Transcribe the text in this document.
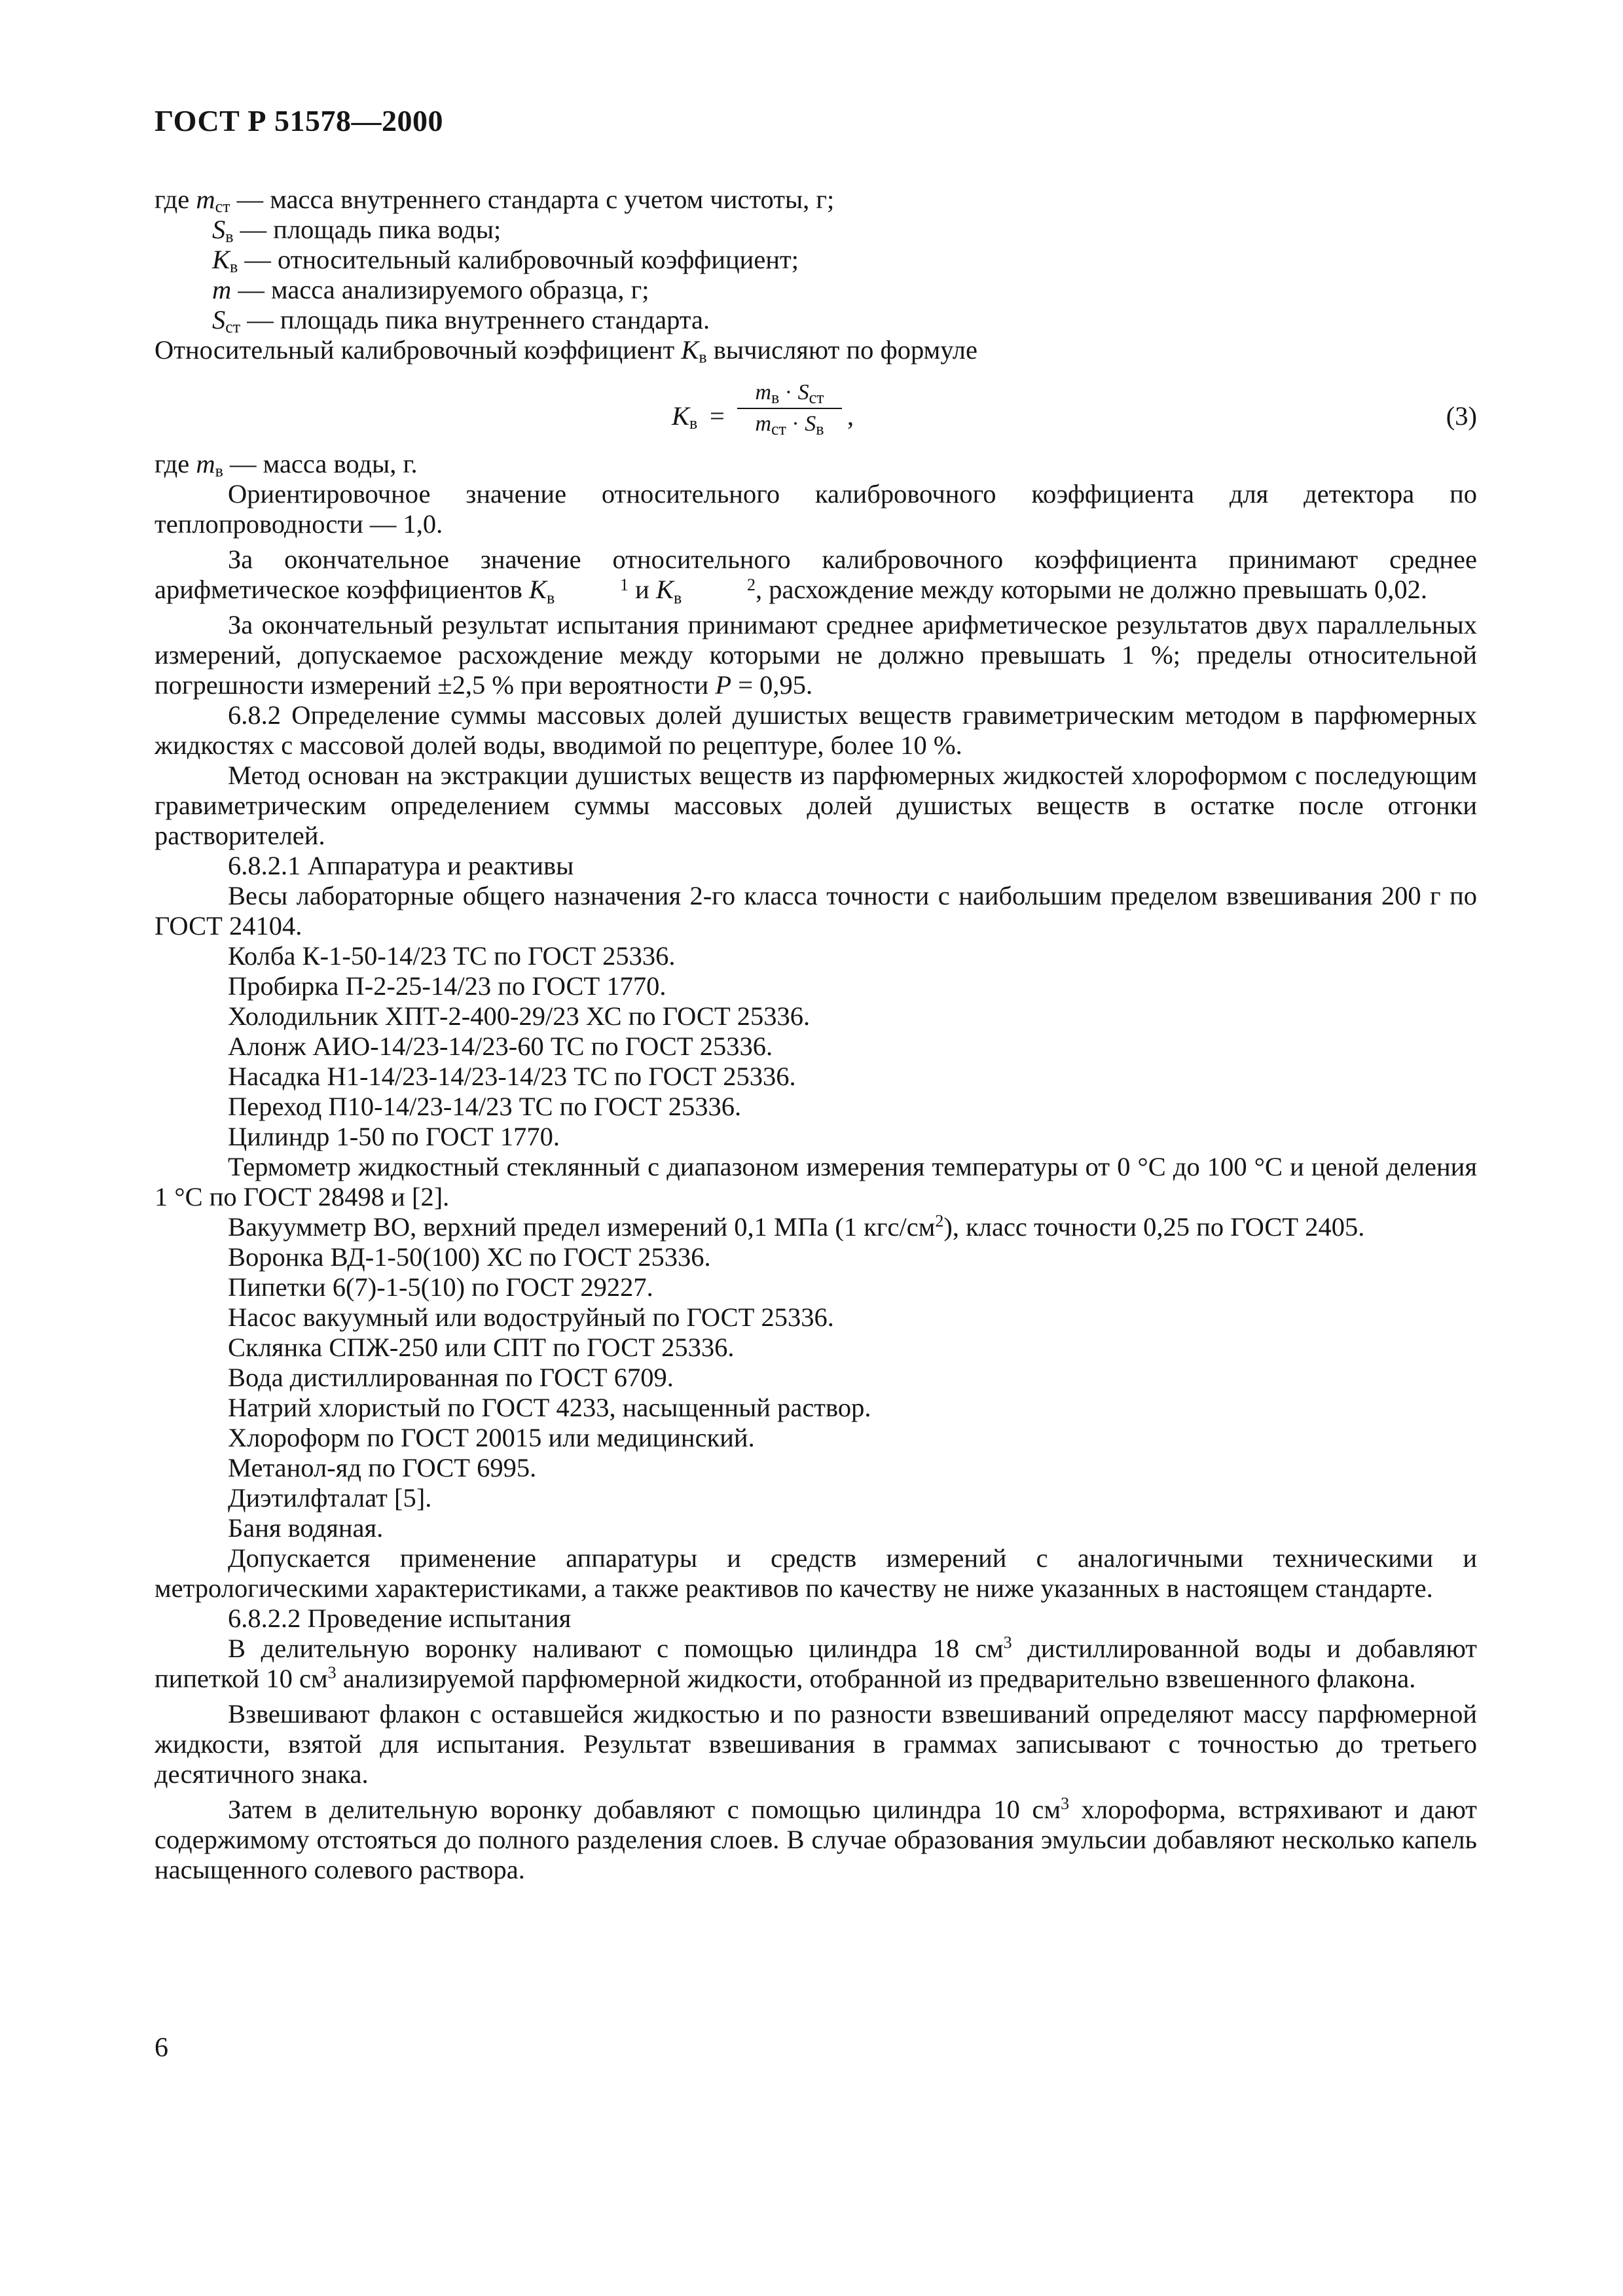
ГОСТ Р 51578—2000

где $m_{ст}$ — масса внутреннего стандарта с учетом чистоты, г;

$S_в$ — площадь пика воды;

$K_в$ — относительный калибровочный коэффициент;

m — масса анализируемого образца, г;

$S_{ст}$ — площадь пика внутреннего стандарта.

Относительный калибровочный коэффициент $K_в$ вычисляют по формуле

$K_в$ =
$m_в \cdot S_{ст}$
$m_{ст} \cdot S_в$ ,	(3)

где $m_в$ — масса воды, г.

Ориентировочное значение относительного калибровочного коэффициента для детектора по теплопроводности — 1,0.

За окончательное значение относительного калибровочного коэффициента принимают среднее арифметическое коэффициентов K	1
в	и K	2
в	, расхождение между которыми не должно превышать 0,02.

За окончательный результат испытания принимают среднее арифметическое результатов двух параллельных измерений, допускаемое расхождение между которыми не должно превышать 1 %; пределы относительной погрешности измерений ±2,5 % при вероятности P = 0,95.

6.8.2 Определение суммы массовых долей душистых веществ гравиметрическим методом в парфюмерных жидкостях с массовой долей воды, вводимой по рецептуре, более 10 %.

Метод основан на экстракции душистых веществ из парфюмерных жидкостей хлороформом с последующим гравиметрическим определением суммы массовых долей душистых веществ в остатке после отгонки растворителей.

6.8.2.1 Аппаратура и реактивы

Весы лабораторные общего назначения 2-го класса точности с наибольшим пределом взвешивания 200 г по ГОСТ 24104.

Колба К-1-50-14/23 ТС по ГОСТ 25336.

Пробирка П-2-25-14/23 по ГОСТ 1770.

Холодильник ХПТ-2-400-29/23 ХС по ГОСТ 25336.

Алонж АИО-14/23-14/23-60 ТС по ГОСТ 25336.

Насадка Н1-14/23-14/23-14/23 ТС по ГОСТ 25336.

Переход П10-14/23-14/23 ТС по ГОСТ 25336.

Цилиндр 1-50 по ГОСТ 1770.

Термометр жидкостный стеклянный с диапазоном измерения температуры от 0 °С до 100 °С и ценой деления 1 °С по ГОСТ 28498 и [2].

Вакуумметр ВО, верхний предел измерений 0,1 МПа (1 кгс/$см^2$), класс точности 0,25 по ГОСТ 2405.

Воронка ВД-1-50(100) ХС по ГОСТ 25336.

Пипетки 6(7)-1-5(10) по ГОСТ 29227.

Насос вакуумный или водоструйный по ГОСТ 25336.

Склянка СПЖ-250 или СПТ по ГОСТ 25336.

Вода дистиллированная по ГОСТ 6709.

Натрий хлористый по ГОСТ 4233, насыщенный раствор.

Хлороформ по ГОСТ 20015 или медицинский.

Метанол-яд по ГОСТ 6995.

Диэтилфталат [5].

Баня водяная.

Допускается применение аппаратуры и средств измерений с аналогичными техническими и метрологическими характеристиками, а также реактивов по качеству не ниже указанных в настоящем стандарте.

6.8.2.2 Проведение испытания

В делительную воронку наливают с помощью цилиндра 18 $см^3$ дистиллированной воды и добавляют пипеткой 10 $см^3$ анализируемой парфюмерной жидкости, отобранной из предварительно взвешенного флакона.

Взвешивают флакон с оставшейся жидкостью и по разности взвешиваний определяют массу парфюмерной жидкости, взятой для испытания. Результат взвешивания в граммах записывают с точностью до третьего десятичного знака.

Затем в делительную воронку добавляют с помощью цилиндра 10 $см^3$ хлороформа, встряхивают и дают содержимому отстояться до полного разделения слоев. В случае образования эмульсии добавляют несколько капель насыщенного солевого раствора.

6
